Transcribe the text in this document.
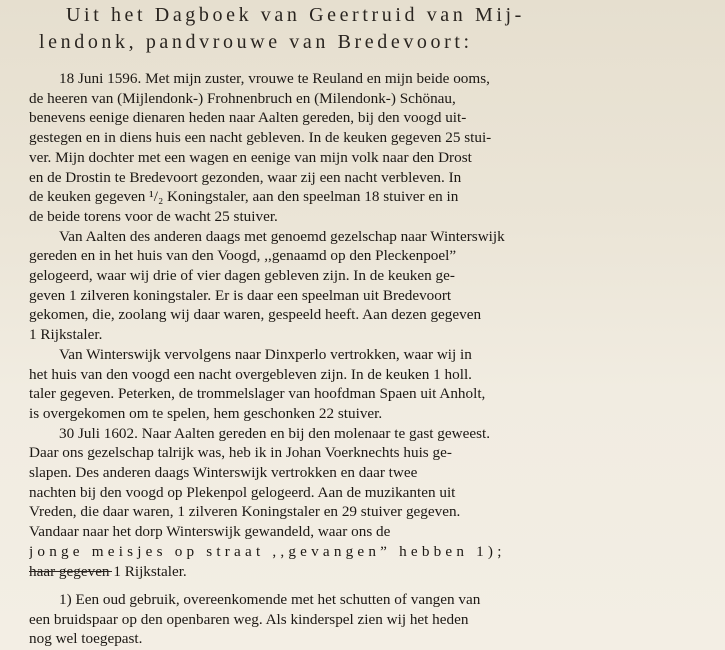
Uit het Dagboek van Geertruid van Mij-
lendonk, pandvrouwe van Bredevoort:

18 Juni 1596. Met mijn zuster, vrouwe te Reuland en mijn beide ooms,
de heeren van (Mijlendonk-) Frohnenbruch en (Milendonk-) Schönau,
benevens eenige dienaren heden naar Aalten gereden, bij den voogd uit-
gestegen en in diens huis een nacht gebleven. In de keuken gegeven 25 stui-
ver. Mijn dochter met een wagen en eenige van mijn volk naar den Drost
en de Drostin te Bredevoort gezonden, waar zij een nacht verbleven. In
de keuken gegeven ¹/₂ Koningstaler, aan den speelman 18 stuiver en in
de beide torens voor de wacht 25 stuiver.

Van Aalten des anderen daags met genoemd gezelschap naar Winterswijk
gereden en in het huis van den Voogd, ,,genaamd op den Pleckenpoel”
gelogeerd, waar wij drie of vier dagen gebleven zijn. In de keuken ge-
geven 1 zilveren koningstaler. Er is daar een speelman uit Bredevoort
gekomen, die, zoolang wij daar waren, gespeeld heeft. Aan dezen gegeven
1 Rijkstaler.

Van Winterswijk vervolgens naar Dinxperlo vertrokken, waar wij in
het huis van den voogd een nacht overgebleven zijn. In de keuken 1 holl.
taler gegeven. Peterken, de trommelslager van hoofdman Spaen uit Anholt,
is overgekomen om te spelen, hem geschonken 22 stuiver.

30 Juli 1602. Naar Aalten gereden en bij den molenaar te gast geweest.
Daar ons gezelschap talrijk was, heb ik in Johan Voerknechts huis ge-
slapen. Des anderen daags Winterswijk vertrokken en daar twee
nachten bij den voogd op Plekenpol gelogeerd. Aan de muzikanten uit
Vreden, die daar waren, 1 zilveren Koningstaler en 29 stuiver gegeven.
Vandaar naar het dorp Winterswijk gewandeld, waar ons de
jonge meisjes op straat ,,gevangen” hebben 1);
haar gegeven 1 Rijkstaler.

1) Een oud gebruik, overeenkomende met het schutten of vangen van
een bruidspaar op den openbaren weg. Als kinderspel zien wij het heden
nog wel toegepast.
